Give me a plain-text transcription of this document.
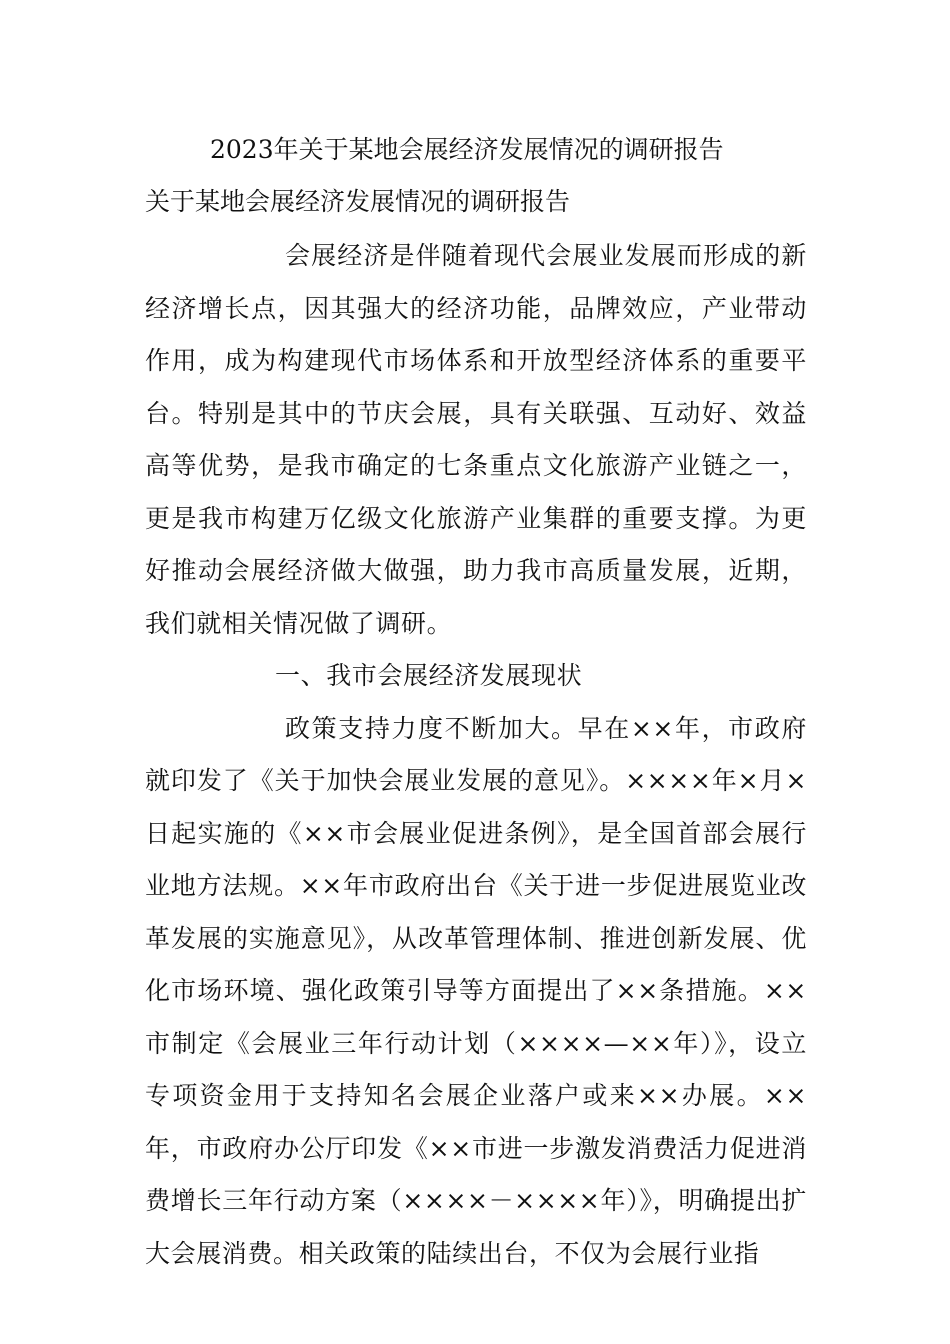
2023年关于某地会展经济发展情况的调研报告
关于某地会展经济发展情况的调研报告

会展经济是伴随着现代会展业发展而形成的新经济增长点，因其强大的经济功能，品牌效应，产业带动作用，成为构建现代市场体系和开放型经济体系的重要平台。特别是其中的节庆会展，具有关联强、互动好、效益高等优势，是我市确定的七条重点文化旅游产业链之一，更是我市构建万亿级文化旅游产业集群的重要支撑。为更好推动会展经济做大做强，助力我市高质量发展，近期，我们就相关情况做了调研。

一、我市会展经济发展现状

政策支持力度不断加大。早在××年，市政府就印发了《关于加快会展业发展的意见》。××××年×月×日起实施的《××市会展业促进条例》，是全国首部会展行业地方法规。××年市政府出台《关于进一步促进展览业改革发展的实施意见》，从改革管理体制、推进创新发展、优化市场环境、强化政策引导等方面提出了××条措施。××市制定《会展业三年行动计划（××××—××年）》，设立专项资金用于支持知名会展企业落户或来××办展。××年，市政府办公厅印发《××市进一步激发消费活力促进消费增长三年行动方案（××××－××××年）》，明确提出扩大会展消费。相关政策的陆续出台，不仅为会展行业指
